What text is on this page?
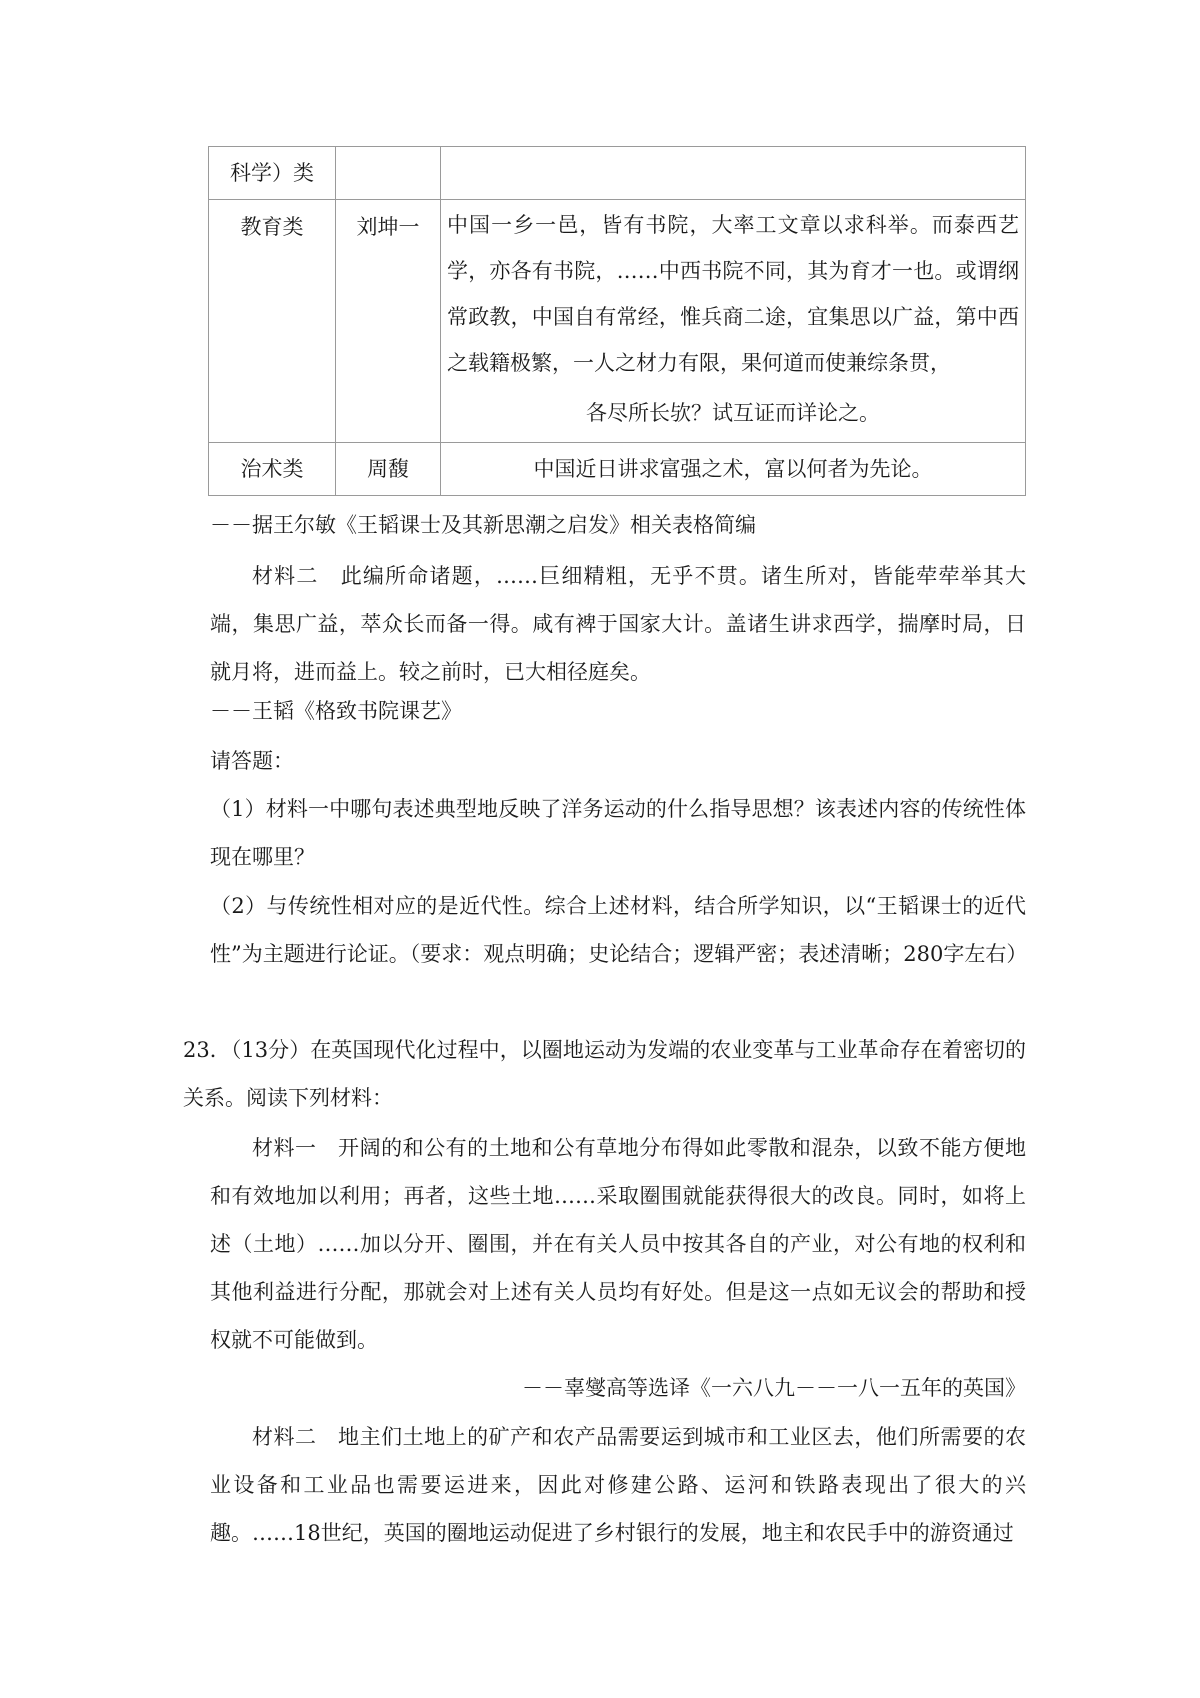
科学）类		

教育类	刘坤一	中国一乡一邑，皆有书院，大率工文章以求科举。而泰西艺学，亦各有书院，……中西书院不同，其为育才一也。或谓纲常政教，中国自有常经，惟兵商二途，宜集思以广益，第中西之载籍极繁，一人之材力有限，果何道而使兼综条贯，
各尽所长欤？试互证而详论之。

治术类	周馥	中国近日讲求富强之术，富以何者为先论。
－－据王尔敏《王韬课士及其新思潮之启发》相关表格简编
材料二　此编所命诸题，……巨细精粗，无乎不贯。诸生所对，皆能荦荦举其大端，集思广益，萃众长而备一得。咸有裨于国家大计。盖诸生讲求西学，揣摩时局，日就月将，进而益上。较之前时，已大相径庭矣。
－－王韬《格致书院课艺》
请答题：
（1）材料一中哪句表述典型地反映了洋务运动的什么指导思想？该表述内容的传统性体现在哪里？
（2）与传统性相对应的是近代性。综合上述材料，结合所学知识，以“王韬课士的近代性”为主题进行论证。（要求：观点明确；史论结合；逻辑严密；表述清晰；280字左右）
23．（13分）在英国现代化过程中，以圈地运动为发端的农业变革与工业革命存在着密切的关系。阅读下列材料：
材料一　开阔的和公有的土地和公有草地分布得如此零散和混杂，以致不能方便地和有效地加以利用；再者，这些土地……采取圈围就能获得很大的改良。同时，如将上述（土地）……加以分开、圈围，并在有关人员中按其各自的产业，对公有地的权利和其他利益进行分配，那就会对上述有关人员均有好处。但是这一点如无议会的帮助和授权就不可能做到。
－－辜燮高等选译《一六八九－－一八一五年的英国》
材料二　地主们土地上的矿产和农产品需要运到城市和工业区去，他们所需要的农业设备和工业品也需要运进来，因此对修建公路、运河和铁路表现出了很大的兴趣。……18世纪，英国的圈地运动促进了乡村银行的发展，地主和农民手中的游资通过
